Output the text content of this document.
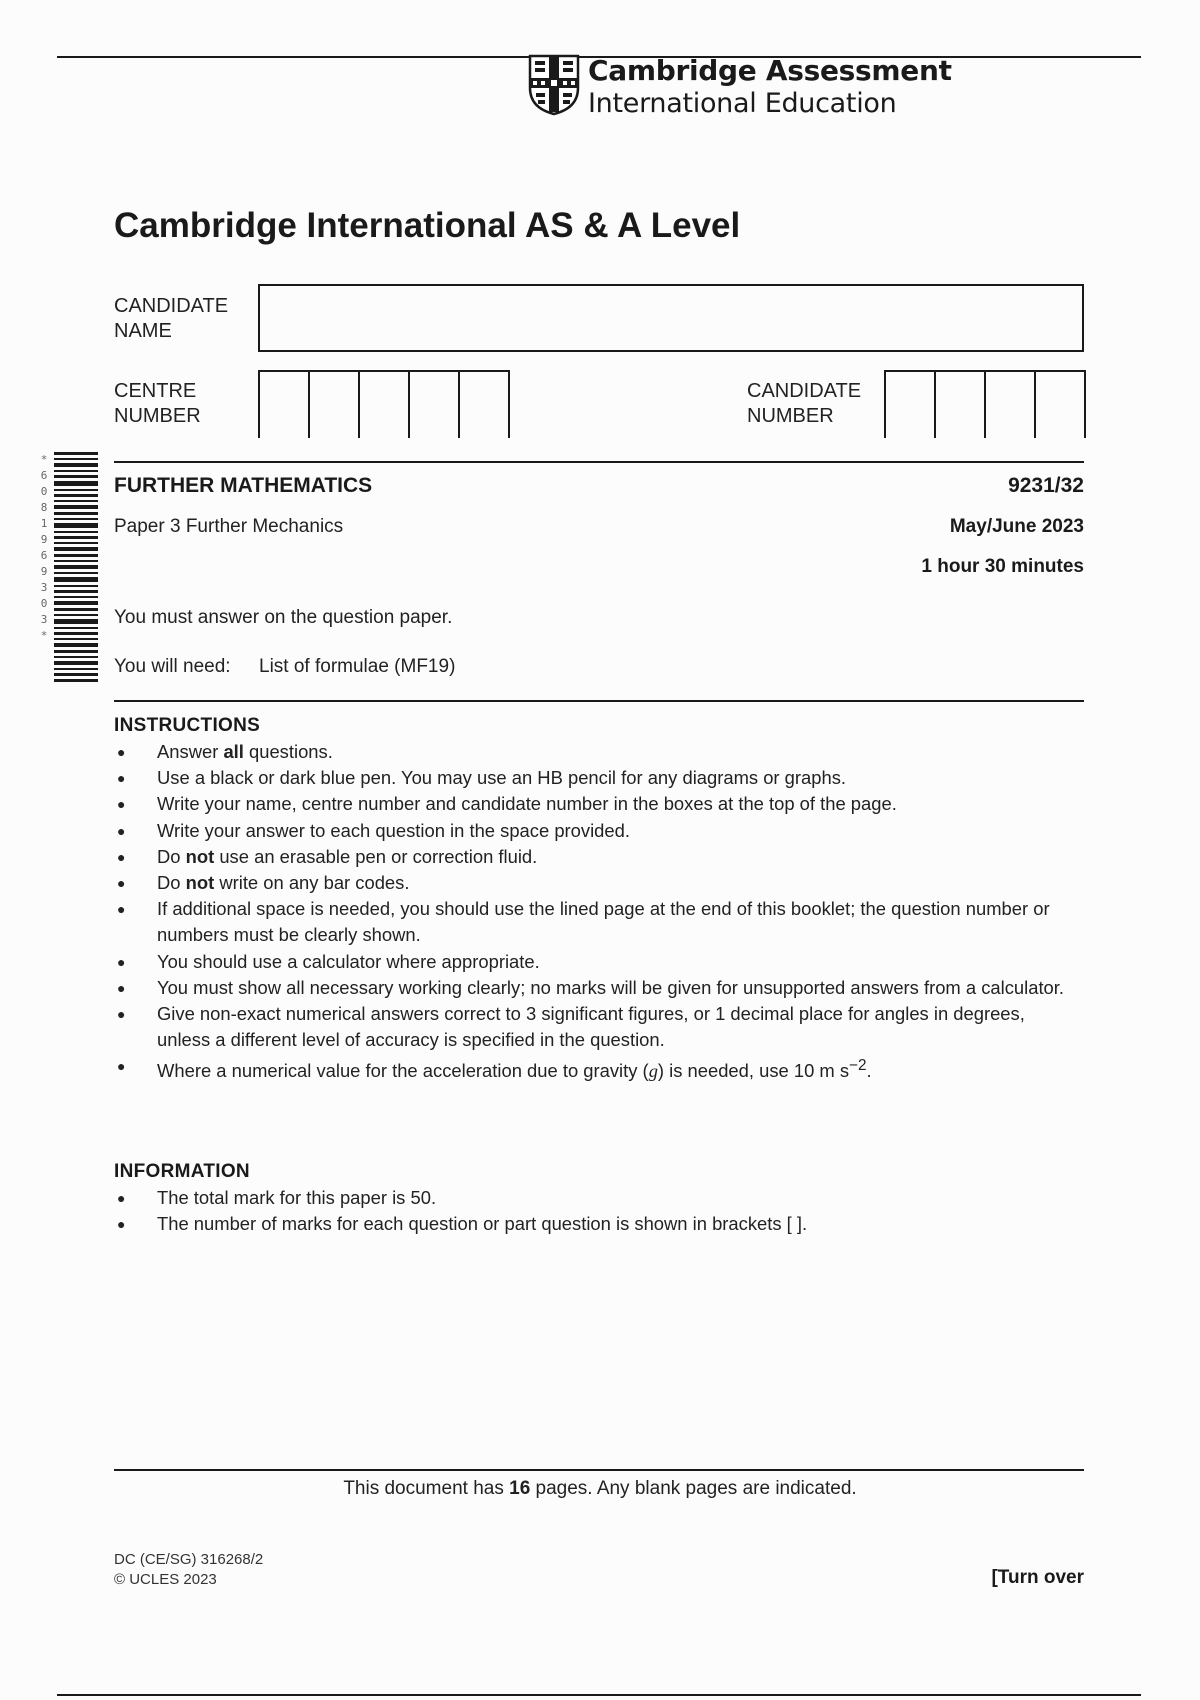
Cambridge Assessment
International Education
Cambridge International AS & A Level
CANDIDATE
NAME
CENTRE
NUMBER
CANDIDATE
NUMBER
*6081969303*
FURTHER MATHEMATICS	9231/32
Paper 3 Further Mechanics	May/June 2023
1 hour 30 minutes
You must answer on the question paper.
You will need: List of formulae (MF19)
INSTRUCTIONS
● Answer all questions.
● Use a black or dark blue pen. You may use an HB pencil for any diagrams or graphs.
● Write your name, centre number and candidate number in the boxes at the top of the page.
● Write your answer to each question in the space provided.
● Do not use an erasable pen or correction fluid.
● Do not write on any bar codes.
● If additional space is needed, you should use the lined page at the end of this booklet; the question number or numbers must be clearly shown.
● You should use a calculator where appropriate.
● You must show all necessary working clearly; no marks will be given for unsupported answers from a calculator.
● Give non-exact numerical answers correct to 3 significant figures, or 1 decimal place for angles in degrees, unless a different level of accuracy is specified in the question.
● Where a numerical value for the acceleration due to gravity (g) is needed, use 10 m $s^{-2}$.
INFORMATION
● The total mark for this paper is 50.
● The number of marks for each question or part question is shown in brackets [ ].
This document has 16 pages. Any blank pages are indicated.
DC (CE/SG) 316268/2
© UCLES 2023	[Turn over
